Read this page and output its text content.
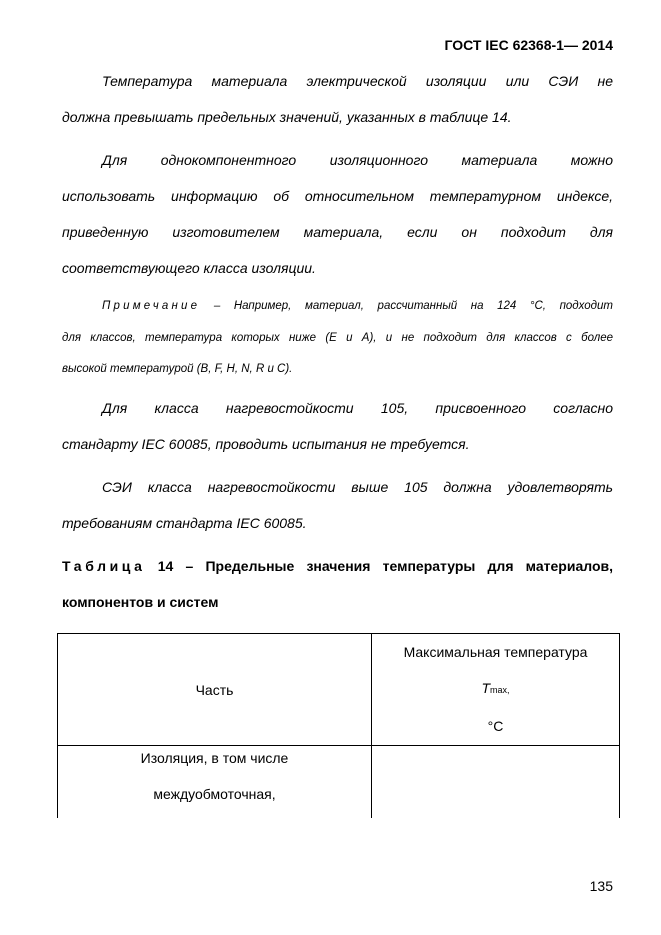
ГОСТ IEC 62368-1— 2014

Температура материала электрической изоляции или СЭИ не

должна превышать предельных значений, указанных в таблице 14.

Для однокомпонентного изоляционного материала можно

использовать информацию об относительном температурном индексе,

приведенную изготовителем материала, если он подходит для

соответствующего класса изоляции.

Примечание – Например, материал, рассчитанный на 124 °С, подходит

для классов, температура которых ниже (Е и А), и не подходит для классов с более

высокой температурой (В, F, H, N, R и С).

Для класса нагревостойкости 105, присвоенного согласно

стандарту IEC 60085, проводить испытания не требуется.

СЭИ класса нагревостойкости выше 105 должна удовлетворять

требованиям стандарта IEC 60085.

Таблица 14 – Предельные значения температуры для материалов,

компонентов и систем

Часть	Максимальная температура
Tmax,
°С

Изоляция, в том числе
междуобмоточная,	

135
